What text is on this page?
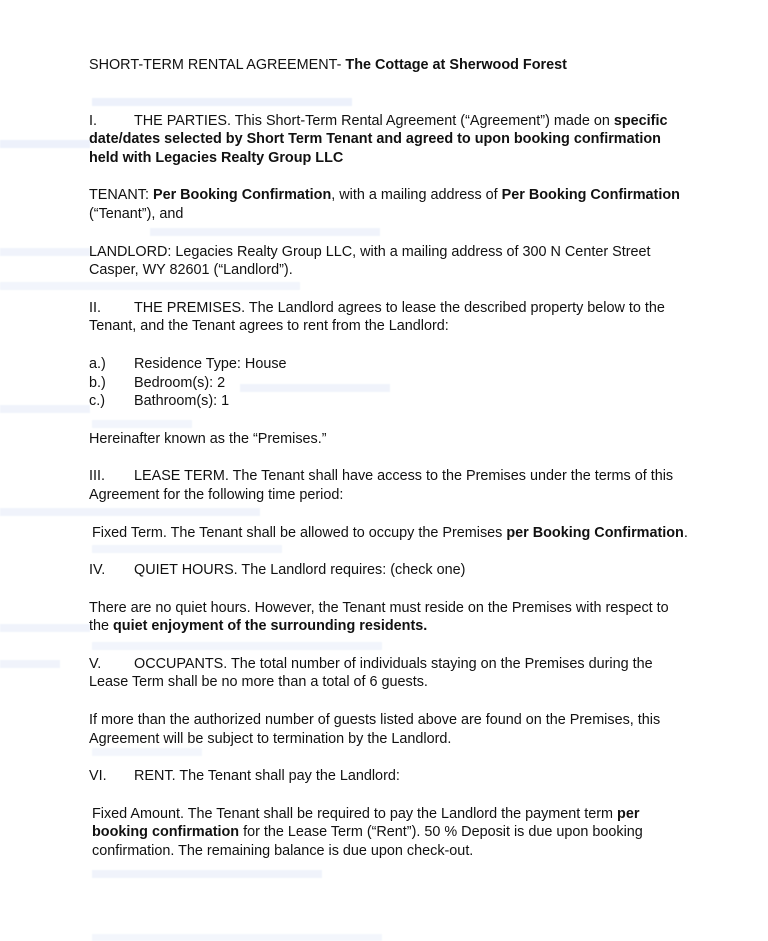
SHORT-TERM RENTAL AGREEMENT- The Cottage at Sherwood Forest

I.	THE PARTIES. This Short-Term Rental Agreement (“Agreement”) made on specific date/dates selected by Short Term Tenant and agreed to upon booking confirmation held with Legacies Realty Group LLC

TENANT: Per Booking Confirmation, with a mailing address of Per Booking Confirmation (“Tenant”), and

LANDLORD: Legacies Realty Group LLC, with a mailing address of 300 N Center Street Casper, WY 82601 (“Landlord”).

II. THE PREMISES. The Landlord agrees to lease the described property below to the Tenant, and the Tenant agrees to rent from the Landlord:

a.) Residence Type: House
b.) Bedroom(s): 2
c.) Bathroom(s): 1

Hereinafter known as the “Premises.”

III. LEASE TERM. The Tenant shall have access to the Premises under the terms of this Agreement for the following time period:

Fixed Term. The Tenant shall be allowed to occupy the Premises per Booking Confirmation.

IV. QUIET HOURS. The Landlord requires: (check one)

There are no quiet hours. However, the Tenant must reside on the Premises with respect to the quiet enjoyment of the surrounding residents.

V. OCCUPANTS. The total number of individuals staying on the Premises during the Lease Term shall be no more than a total of 6 guests.

If more than the authorized number of guests listed above are found on the Premises, this Agreement will be subject to termination by the Landlord.

VI. RENT. The Tenant shall pay the Landlord:

Fixed Amount. The Tenant shall be required to pay the Landlord the payment term per booking confirmation for the Lease Term (“Rent”). 50 % Deposit is due upon booking confirmation. The remaining balance is due upon check-out.
